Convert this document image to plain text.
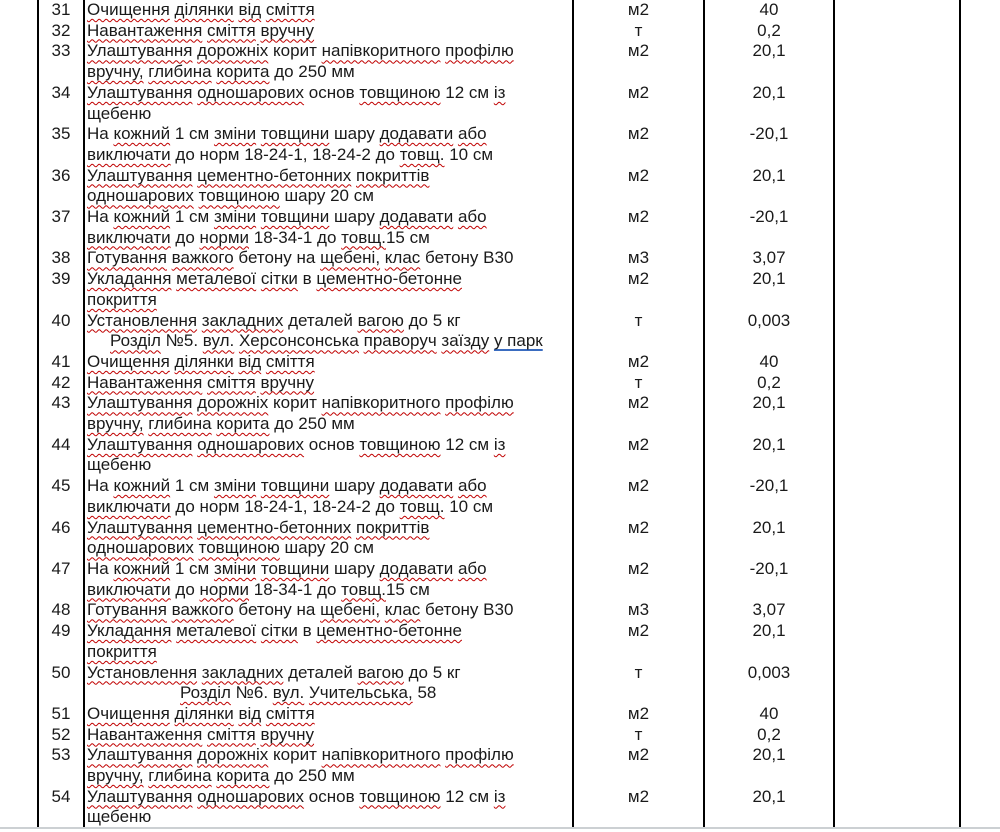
31 Очищення ділянки від сміття	м2	40
32 Навантаження сміття вручну	т	0,2
33 Улаштування дорожніх корит напівкоритного профілю
вручну, глибина корита до 250 мм
м2	20,1
34 Улаштування одношарових основ товщиною 12 см із
щебеню
м2	20,1
35 На кожний 1 см зміни товщини шару додавати або
виключати до норм 18-24-1, 18-24-2 до товщ. 10 см
м2	-20,1
36 Улаштування цементно-бетонних покриттів
одношарових товщиною шару 20 см
м2	20,1
37 На кожний 1 см зміни товщини шару додавати або
виключати до норми 18-34-1 до товщ.15 см
м2	-20,1
38 Готування важкого бетону на щебені, клас бетону В30	м3	3,07
39 Укладання металевої сітки в цементно-бетонне
покриття
м2	20,1
40 Установлення закладних деталей вагою до 5 кг	т	0,003
Розділ №5. вул. Херсонсонська праворуч заїзду у парк
41 Очищення ділянки від сміття	м2	40
42 Навантаження сміття вручну	т	0,2
43 Улаштування дорожніх корит напівкоритного профілю
вручну, глибина корита до 250 мм
м2	20,1
44 Улаштування одношарових основ товщиною 12 см із
щебеню
м2	20,1
45 На кожний 1 см зміни товщини шару додавати або
виключати до норм 18-24-1, 18-24-2 до товщ. 10 см
м2	-20,1
46 Улаштування цементно-бетонних покриттів
одношарових товщиною шару 20 см
м2	20,1
47 На кожний 1 см зміни товщини шару додавати або
виключати до норми 18-34-1 до товщ.15 см
м2	-20,1
48 Готування важкого бетону на щебені, клас бетону В30	м3	3,07
49 Укладання металевої сітки в цементно-бетонне
покриття
м2	20,1
50 Установлення закладних деталей вагою до 5 кг	т	0,003
Розділ №6. вул. Учительська, 58
51 Очищення ділянки від сміття	м2	40
52 Навантаження сміття вручну	т	0,2
53 Улаштування дорожніх корит напівкоритного профілю
вручну, глибина корита до 250 мм
м2	20,1
54 Улаштування одношарових основ товщиною 12 см із
щебеню
м2	20,1
